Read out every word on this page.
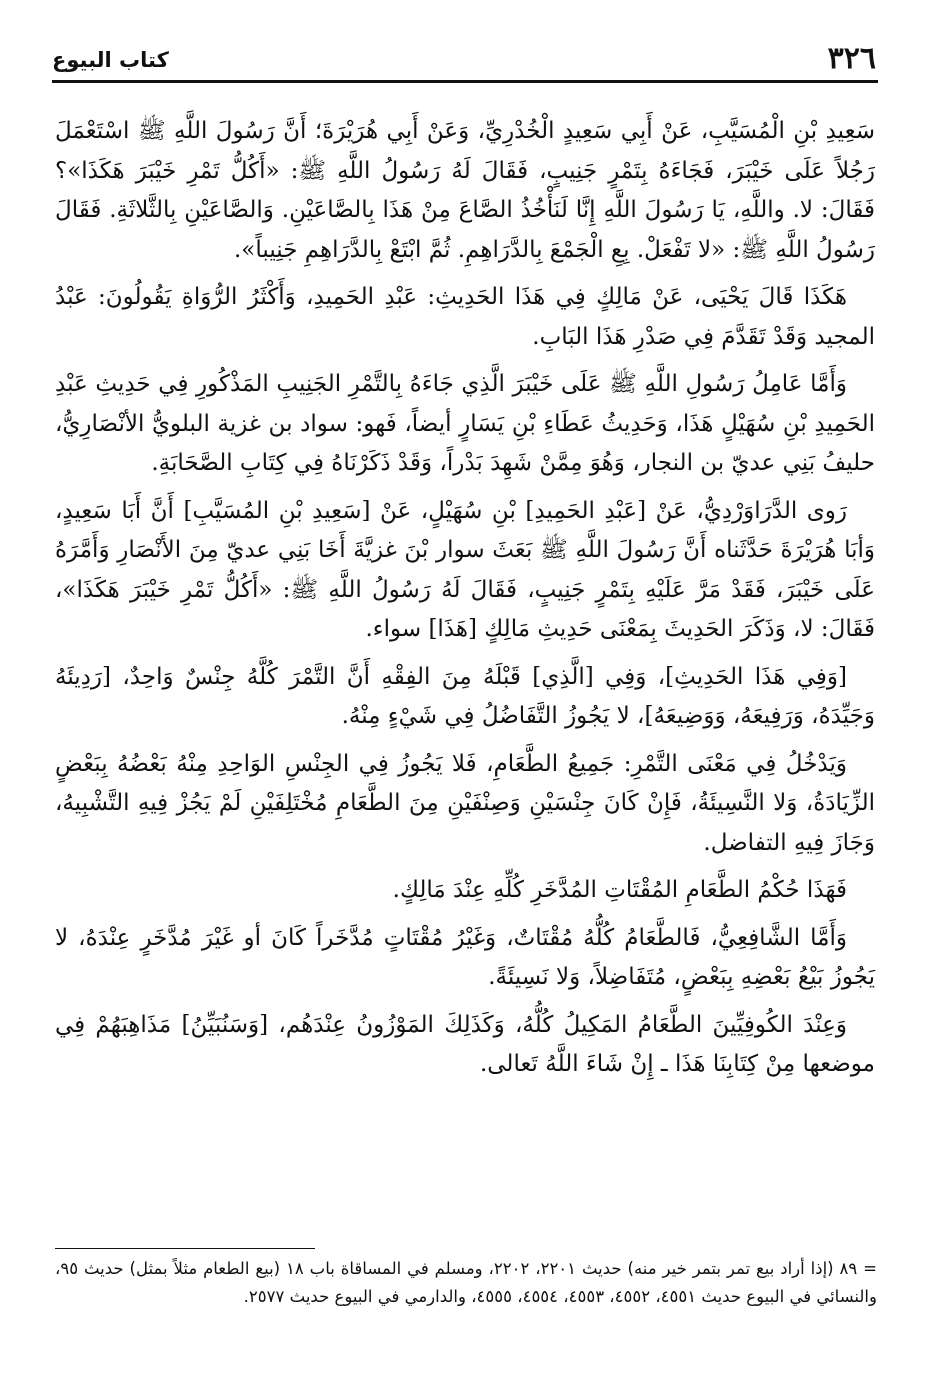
٣٢٦
كتاب البيوع

سَعِيدِ بْنِ الْمُسَيَّبِ، عَنْ أَبِي سَعِيدٍ الْخُدْرِيِّ، وَعَنْ أَبِي هُرَيْرَةَ؛ أَنَّ رَسُولَ اللَّهِ ﷺ اسْتَعْمَلَ رَجُلاً عَلَى خَيْبَرَ، فَجَاءَهُ بِتَمْرٍ جَنِيبٍ، فَقَالَ لَهُ رَسُولُ اللَّهِ ﷺ: «أَكُلُّ تَمْرِ خَيْبَرَ هَكَذَا»؟ فَقَالَ: لا. واللَّهِ، يَا رَسُولَ اللَّهِ إِنَّا لَنَأْخُذُ الصَّاعَ مِنْ هَذَا بِالصَّاعَيْنِ. وَالصَّاعَيْنِ بِالثَّلاثَةِ. فَقَالَ رَسُولُ اللَّهِ ﷺ: «لا تَفْعَلْ. بِعِ الْجَمْعَ بِالدَّرَاهِمِ. ثُمَّ ابْتَعْ بِالدَّرَاهِمِ جَنِيباً».

هَكَذَا قَالَ يَحْيَى، عَنْ مَالِكٍ فِي هَذَا الحَدِيثِ: عَبْدِ الحَمِيدِ، وَأَكْثَرُ الرُّوَاةِ يَقُولُونَ: عَبْدُ المجيد وَقَدْ تَقَدَّمَ فِي صَدْرِ هَذَا البَابِ.

وَأَمَّا عَامِلُ رَسُولِ اللَّهِ ﷺ عَلَى خَيْبَرَ الَّذِي جَاءَهُ بِالتَّمْرِ الجَنِيبِ المَذْكُورِ فِي حَدِيثِ عَبْدِ الحَمِيدِ بْنِ سُهَيْلٍ هَذَا، وَحَدِيثُ عَطَاءِ بْنِ يَسَارٍ أيضاً، فَهو: سواد بن غزية البلويُّ الأنْصَارِيُّ، حليفُ بَنِي عديّ بن النجار، وَهُوَ مِمَّنْ شَهِدَ بَدْراً، وَقَدْ ذَكَرْنَاهُ فِي كِتَابِ الصَّحَابَةِ.

رَوى الدَّرَاوَرْدِيُّ، عَنْ [عَبْدِ الحَمِيدِ] بْنِ سُهَيْلٍ، عَنْ [سَعِيدِ بْنِ المُسَيَّبِ] أَنَّ أَبَا سَعِيدٍ، وَأبَا هُرَيْرَةَ حَدَّثَناه أَنَّ رَسُولَ اللَّهِ ﷺ بَعَثَ سوار بْنَ غزيَّةَ أَخَا بَنِي عديّ مِنَ الأَنْصَارِ وَأَمَّرَهُ عَلَى خَيْبَرَ، فَقَدْ مَرَّ عَلَيْهِ بِتَمْرٍ جَنِيبٍ، فَقَالَ لَهُ رَسُولُ اللَّهِ ﷺ: «أَكُلُّ تَمْرِ خَيْبَرَ هَكَذَا»، فَقَالَ: لا، وَذَكَرَ الحَدِيثَ بِمَعْنَى حَدِيثِ مَالِكٍ [هَذَا] سواء.

[وَفِي هَذَا الحَدِيثِ]، وَفِي [الَّذِي] قَبْلَهُ مِنَ الفِقْهِ أَنَّ التَّمْرَ كُلَّهُ جِنْسٌ وَاحِدٌ، [رَدِيئَهُ وَجَيِّدَهُ، وَرَفِيعَهُ، وَوَضِيعَهُ]، لا يَجُوزُ التَّفَاضُلُ فِي شَيْءٍ مِنْهُ.

وَيَدْخُلُ فِي مَعْنَى التَّمْرِ: جَمِيعُ الطَّعَامِ، فَلا يَجُوزُ فِي الجِنْسِ الوَاحِدِ مِنْهُ بَعْضُهُ بِبَعْضٍ الزِّيَادَةُ، وَلا النَّسِيئَةُ، فَإِنْ كَانَ جِنْسَيْنِ وَصِنْفَيْنِ مِنَ الطَّعَامِ مُخْتَلِفَيْنِ لَمْ يَجُزْ فِيهِ التَّشْبِيهُ، وَجَازَ فِيهِ التفاضل.

فَهَذَا حُكْمُ الطَّعَامِ المُقْتَاتِ المُدَّخَرِ كُلِّهِ عِنْدَ مَالِكٍ.

وَأَمَّا الشَّافِعِيُّ، فَالطَّعَامُ كُلُّهُ مُقْتَاتٌ، وَغَيْرُ مُقْتَاتٍ مُدَّخَراً كَانَ أو غَيْرَ مُدَّخَرٍ عِنْدَهُ، لا يَجُوزُ بَيْعُ بَعْضِهِ بِبَعْضٍ، مُتَفَاضِلاً، وَلا نَسِيئَةً.

وَعِنْدَ الكُوفِيِّينَ الطَّعَامُ المَكِيلُ كُلُّهُ، وَكَذَلِكَ المَوْزُونُ عِنْدَهُم، [وَسَنُبَيِّنُ] مَذَاهِبَهُمْ فِي موضعها مِنْ كِتَابِنَا هَذَا ـ إِنْ شَاءَ اللَّهُ تَعالى.

= ٨٩ (إذا أراد بيع تمر بتمر خير منه) حديث ٢٢٠١، ٢٢٠٢، ومسلم في المساقاة باب ١٨ (بيع الطعام مثلاً بمثل) حديث ٩٥، والنسائي في البيوع حديث ٤٥٥١، ٤٥٥٢، ٤٥٥٣، ٤٥٥٤، ٤٥٥٥، والدارمي في البيوع حديث ٢٥٧٧.
